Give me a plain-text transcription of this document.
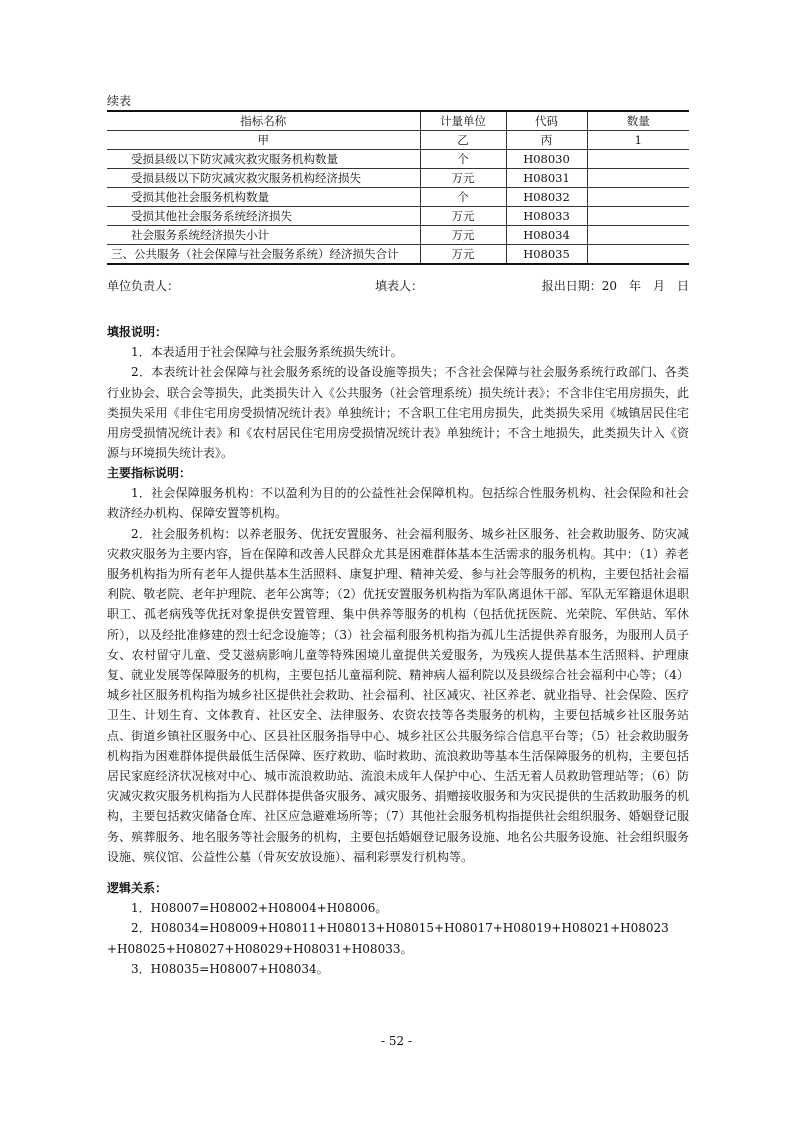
续表
指标名称	计量单位	代码	数量
甲	乙	丙	1
受损县级以下防灾减灾救灾服务机构数量	个	H08030	
受损县级以下防灾减灾救灾服务机构经济损失	万元	H08031	
受损其他社会服务机构数量	个	H08032	
受损其他社会服务系统经济损失	万元	H08033	
社会服务系统经济损失小计	万元	H08034	
三、公共服务（社会保障与社会服务系统）经济损失合计	万元	H08035	
单位负责人：	填表人：	报出日期：20　年　月　日

填报说明：

1．本表适用于社会保障与社会服务系统损失统计。

2．本表统计社会保障与社会服务系统的设备设施等损失；不含社会保障与社会服务系统行政部门、各类行业协会、联合会等损失，此类损失计入《公共服务（社会管理系统）损失统计表》；不含非住宅用房损失，此类损失采用《非住宅用房受损情况统计表》单独统计；不含职工住宅用房损失，此类损失采用《城镇居民住宅用房受损情况统计表》和《农村居民住宅用房受损情况统计表》单独统计；不含土地损失，此类损失计入《资源与环境损失统计表》。

主要指标说明：

1．社会保障服务机构：不以盈利为目的的公益性社会保障机构。包括综合性服务机构、社会保险和社会救济经办机构、保障安置等机构。

2．社会服务机构：以养老服务、优抚安置服务、社会福利服务、城乡社区服务、社会救助服务、防灾减灾救灾服务为主要内容，旨在保障和改善人民群众尤其是困难群体基本生活需求的服务机构。其中：（1）养老服务机构指为所有老年人提供基本生活照料、康复护理、精神关爱、参与社会等服务的机构，主要包括社会福利院、敬老院、老年护理院、老年公寓等；（2）优抚安置服务机构指为军队离退休干部、军队无军籍退休退职职工、孤老病残等优抚对象提供安置管理、集中供养等服务的机构（包括优抚医院、光荣院、军供站、军休所），以及经批准修建的烈士纪念设施等；（3）社会福利服务机构指为孤儿生活提供养育服务，为服刑人员子女、农村留守儿童、受艾滋病影响儿童等特殊困境儿童提供关爱服务，为残疾人提供基本生活照料、护理康复、就业发展等保障服务的机构，主要包括儿童福利院、精神病人福利院以及县级综合社会福利中心等；（4）城乡社区服务机构指为城乡社区提供社会救助、社会福利、社区减灾、社区养老、就业指导、社会保险、医疗卫生、计划生育、文体教育、社区安全、法律服务、农资农技等各类服务的机构，主要包括城乡社区服务站点、街道乡镇社区服务中心、区县社区服务指导中心、城乡社区公共服务综合信息平台等；（5）社会救助服务机构指为困难群体提供最低生活保障、医疗救助、临时救助、流浪救助等基本生活保障服务的机构，主要包括居民家庭经济状况核对中心、城市流浪救助站、流浪未成年人保护中心、生活无着人员救助管理站等；（6）防灾减灾救灾服务机构指为人民群体提供备灾服务、减灾服务、捐赠接收服务和为灾民提供的生活救助服务的机构，主要包括救灾储备仓库、社区应急避难场所等；（7）其他社会服务机构指提供社会组织服务、婚姻登记服务、殡葬服务、地名服务等社会服务的机构，主要包括婚姻登记服务设施、地名公共服务设施、社会组织服务设施、殡仪馆、公益性公墓（骨灰安放设施）、福利彩票发行机构等。

逻辑关系：

1．H08007=H08002+H08004+H08006。

2．H08034=H08009+H08011+H08013+H08015+H08017+H08019+H08021+H08023

+H08025+H08027+H08029+H08031+H08033。

3．H08035=H08007+H08034。

- 52 -
